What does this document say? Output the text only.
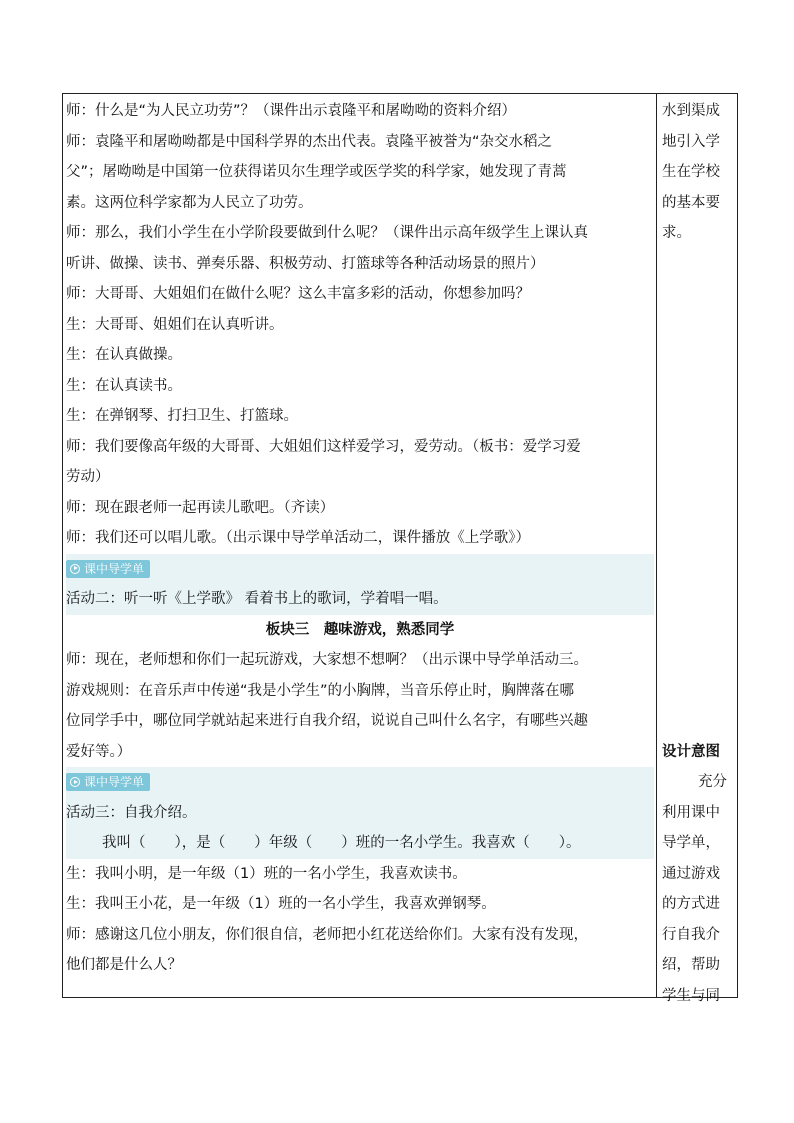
师：什么是“为人民立功劳”？（课件出示袁隆平和屠呦呦的资料介绍）
师：袁隆平和屠呦呦都是中国科学界的杰出代表。袁隆平被誉为“杂交水稻之
父”；屠呦呦是中国第一位获得诺贝尔生理学或医学奖的科学家，她发现了青蒿
素。这两位科学家都为人民立了功劳。
师：那么，我们小学生在小学阶段要做到什么呢？（课件出示高年级学生上课认真
听讲、做操、读书、弹奏乐器、积极劳动、打篮球等各种活动场景的照片）
师：大哥哥、大姐姐们在做什么呢？这么丰富多彩的活动，你想参加吗？
生：大哥哥、姐姐们在认真听讲。
生：在认真做操。
生：在认真读书。
生：在弹钢琴、打扫卫生、打篮球。
师：我们要像高年级的大哥哥、大姐姐们这样爱学习，爱劳动。（板书：爱学习爱
劳动）
师：现在跟老师一起再读儿歌吧。（齐读）
师：我们还可以唱儿歌。（出示课中导学单活动二，课件播放《上学歌》）
课中导学单
活动二：听一听《上学歌》 看着书上的歌词，学着唱一唱。
板块三　趣味游戏，熟悉同学
师：现在，老师想和你们一起玩游戏，大家想不想啊？（出示课中导学单活动三。
游戏规则：在音乐声中传递“我是小学生”的小胸牌，当音乐停止时，胸牌落在哪
位同学手中，哪位同学就站起来进行自我介绍，说说自己叫什么名字，有哪些兴趣
爱好等。）
课中导学单
活动三：自我介绍。
我叫（　　），是（　　）年级（　　）班的一名小学生。我喜欢（　　）。
生：我叫小明，是一年级（1）班的一名小学生，我喜欢读书。
生：我叫王小花，是一年级（1）班的一名小学生，我喜欢弹钢琴。
师：感谢这几位小朋友，你们很自信，老师把小红花送给你们。大家有没有发现，
他们都是什么人？
水到渠成
地引入学
生在学校
的基本要
求。
设计意图
充分
利用课中
导学单，
通过游戏
的方式进
行自我介
绍，帮助
学生与同
